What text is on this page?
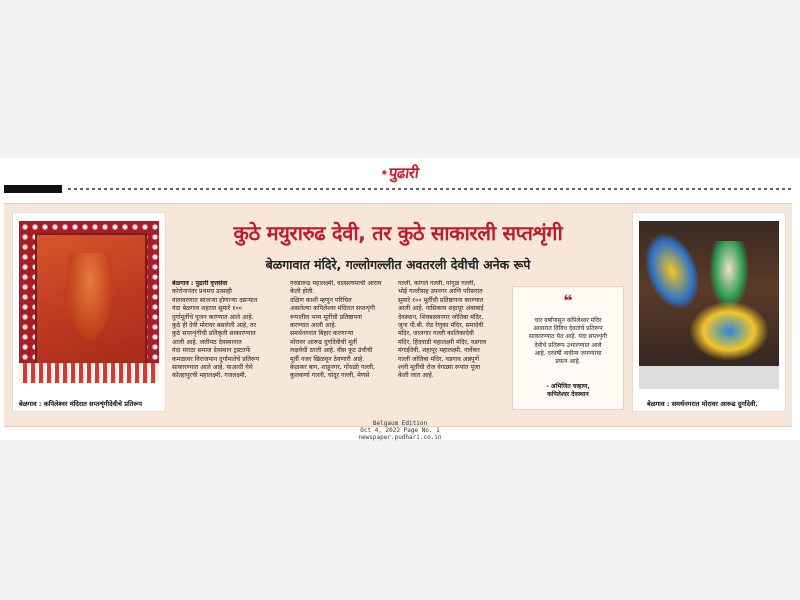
✺ पुढारी
बेळगाव : कपिलेश्वर मंदिरात सप्तशृंगीदेवीचे प्रतिरूप
कुठे मयुरारुढ देवी, तर कुठे साकारली सप्तशृंगी
बेळगावात मंदिरे, गल्लोगल्लीत अवतरली देवीची अनेक रूपे

बेळगाव : पुढारी वृत्तसेवा

कोरोनानंतर प्रथमच उत्साही

वातावरणात साजऱ्या होणाऱ्या दसऱ्यात

यंदा बेळगाव शहरात सुमारे १००

दुर्गामूर्तीचे पूजन करण्यात आले आहे.

कुठे ही देवी मोरावर बसलेली आहे, तर

कुठे सप्तशृंगीची प्रतिकृती साकारण्यात

आली आहे. जतीमठ देवस्थानात

यंदा मराठा समाज देवस्थान ट्रस्टतर्फे

कमळावर विराजमान दुर्गामातेचे प्रतिरूप

साकारण्यात आले आहे. याआधी येथे

कोल्हापूरची महालक्ष्मी, गजलक्ष्मी,

गरुडारूढ महालक्ष्मी, वात्सल्यमाची आराय

केली होती.

दक्षिण काशी म्हणून परिचित

असलेल्या कपिलेश्वर मंदिरात सप्तशृंगी

रूपातील भव्य मूर्तीची प्रतिष्ठापना

करण्यात आली आहे.

समर्थनगरात बिहार करणाऱ्या

मोरावर आरूढ दुर्गादेवीची मूर्ती

लक्षवेधी ठरली आहे. वीस फूट उंचीची

मूर्ती नजर खिळवून ठेवणारी आहे.

केळकर बाग, शाहूनगर, गोंधळी गल्ली,

कुलकर्णा गल्ली, चांदूर गल्ली, मेणसे

गल्ली, कांगले गल्ली, पांगुळ गल्ली,

भोई गल्लीसह उपनगर आणि परिसरात

सुमारे १०० मूर्तीची प्रतिष्ठापना करण्यात

आली आहे. नासिकाय शहापूर अंबाबाई

देवस्थान, शिवबसवनगर जोतिबा मंदिर,

जुना पी.बी. रोड रेणुका मंदिर, समादेवी

मंदिर, जालगार गल्ली कालिकादेवी

मंदिर, हिंदवाडी महालक्ष्मी मंदिर, वडगाव

मंगाईदेवी, शहापूर महालक्ष्मी, नार्वेकर

गल्ली जोतिबा मंदिर, वडगाव अन्नपूर्णे

श्वरी मूर्तीची रोज वेगळ्या रूपांत पूजा

केली जात आहे.

❝

चार वर्षांपासून कपिलेश्वर मंदिर

आवारात विविध देवतांचे प्रतिरूप

साकारण्यात येत आहे. यंदा सप्तशृंगी

देवीचे प्रतिरूप उभारण्यात आले

आहे. दरवर्षी नावीन्य जपण्याचा

प्रयत्न आहे.

- अभिजित चव्हाण,

कपिलेश्वर देवस्थान

बेळगाव : समर्थनगरात मोरावर आरूढ दुर्गादेवी.
Belgaum Edition
Oct 4, 2022 Page No. 1
newspaper.pudhari.co.in
